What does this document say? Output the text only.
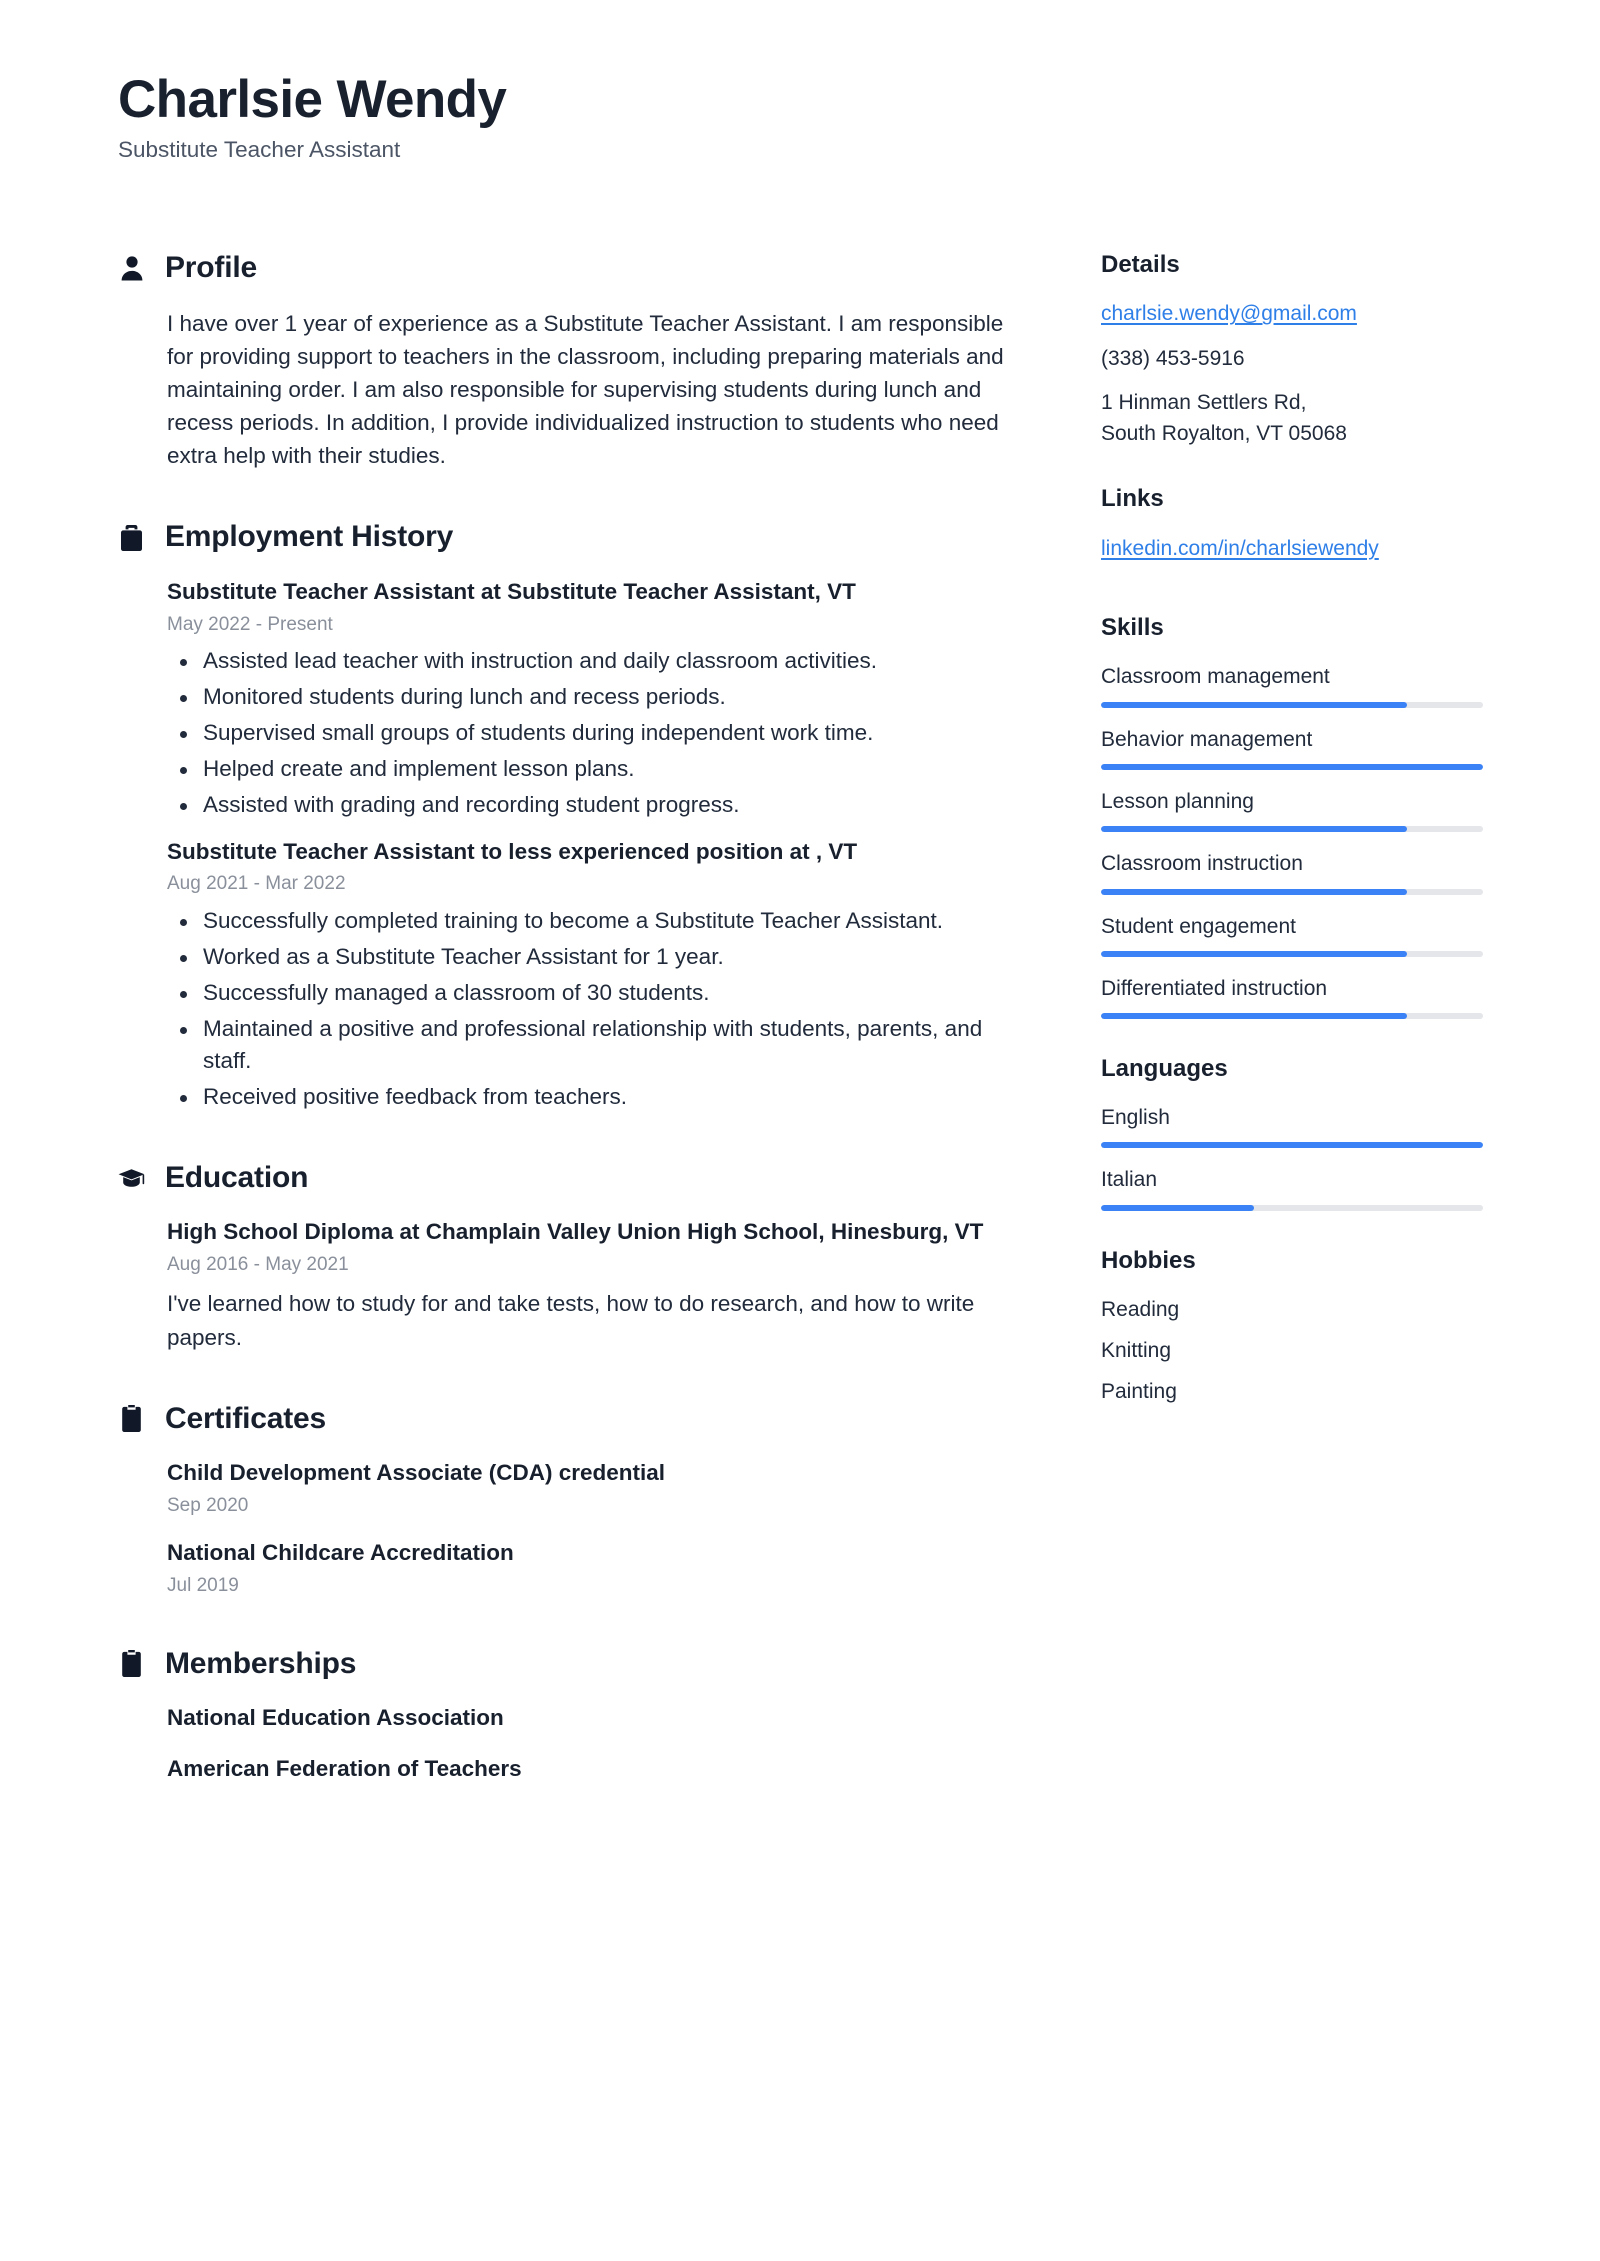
Charlsie Wendy
Substitute Teacher Assistant
Profile

I have over 1 year of experience as a Substitute Teacher Assistant. I am responsible for providing support to teachers in the classroom, including preparing materials and maintaining order. I am also responsible for supervising students during lunch and recess periods. In addition, I provide individualized instruction to students who need extra help with their studies.

Employment History
Substitute Teacher Assistant at Substitute Teacher Assistant, VT
May 2022 - Present
Assisted lead teacher with instruction and daily classroom activities.
Monitored students during lunch and recess periods.
Supervised small groups of students during independent work time.
Helped create and implement lesson plans.
Assisted with grading and recording student progress.
Substitute Teacher Assistant to less experienced position at , VT
Aug 2021 - Mar 2022
Successfully completed training to become a Substitute Teacher Assistant.
Worked as a Substitute Teacher Assistant for 1 year.
Successfully managed a classroom of 30 students.
Maintained a positive and professional relationship with students, parents, and staff.
Received positive feedback from teachers.
Education
High School Diploma at Champlain Valley Union High School, Hinesburg, VT
Aug 2016 - May 2021
I've learned how to study for and take tests, how to do research, and how to write papers.
Certificates
Child Development Associate (CDA) credential
Sep 2020
National Childcare Accreditation
Jul 2019
Memberships
National Education Association
American Federation of Teachers
Details
charlsie.wendy@gmail.com
(338) 453-5916
1 Hinman Settlers Rd,
South Royalton, VT 05068
Links
linkedin.com/in/charlsiewendy
Skills
Classroom management
Behavior management
Lesson planning
Classroom instruction
Student engagement
Differentiated instruction
Languages
English
Italian
Hobbies
Reading
Knitting
Painting
